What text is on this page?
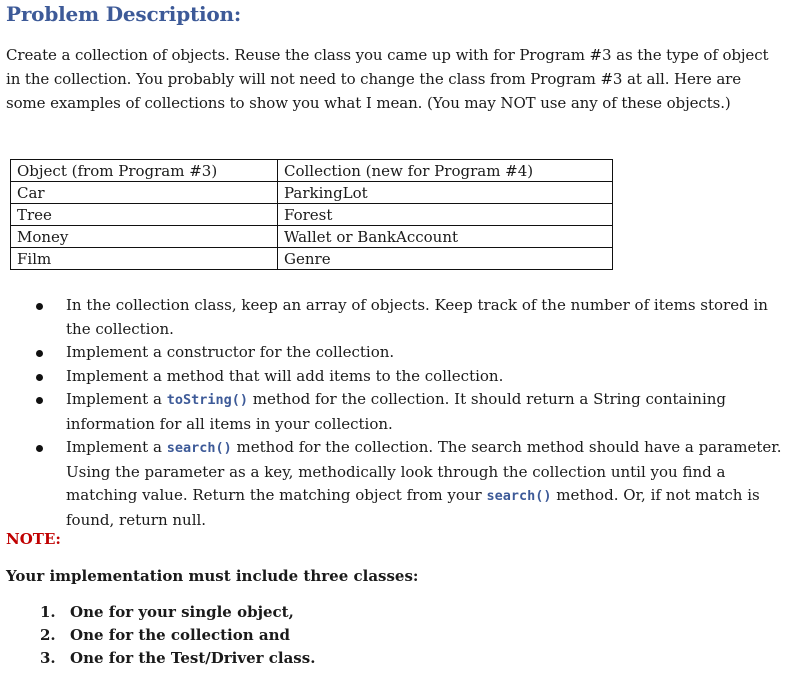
Problem Description:
Create a collection of objects. Reuse the class you came up with for Program #3 as the type of object in the collection. You probably will not need to change the class from Program #3 at all. Here are some examples of collections to show you what I mean. (You may NOT use any of these objects.)
Object (from Program #3)	Collection (new for Program #4)
Car	ParkingLot
Tree	Forest
Money	Wallet or BankAccount
Film	Genre
In the collection class, keep an array of objects. Keep track of the number of items stored in the collection.
Implement a constructor for the collection.
Implement a method that will add items to the collection.
Implement a toString() method for the collection. It should return a String containing information for all items in your collection.
Implement a search() method for the collection. The search method should have a parameter. Using the parameter as a key, methodically look through the collection until you find a matching value. Return the matching object from your search() method. Or, if not match is found, return null.
NOTE:
Your implementation must include three classes:
1. One for your single object,
2. One for the collection and
3. One for the Test/Driver class.
